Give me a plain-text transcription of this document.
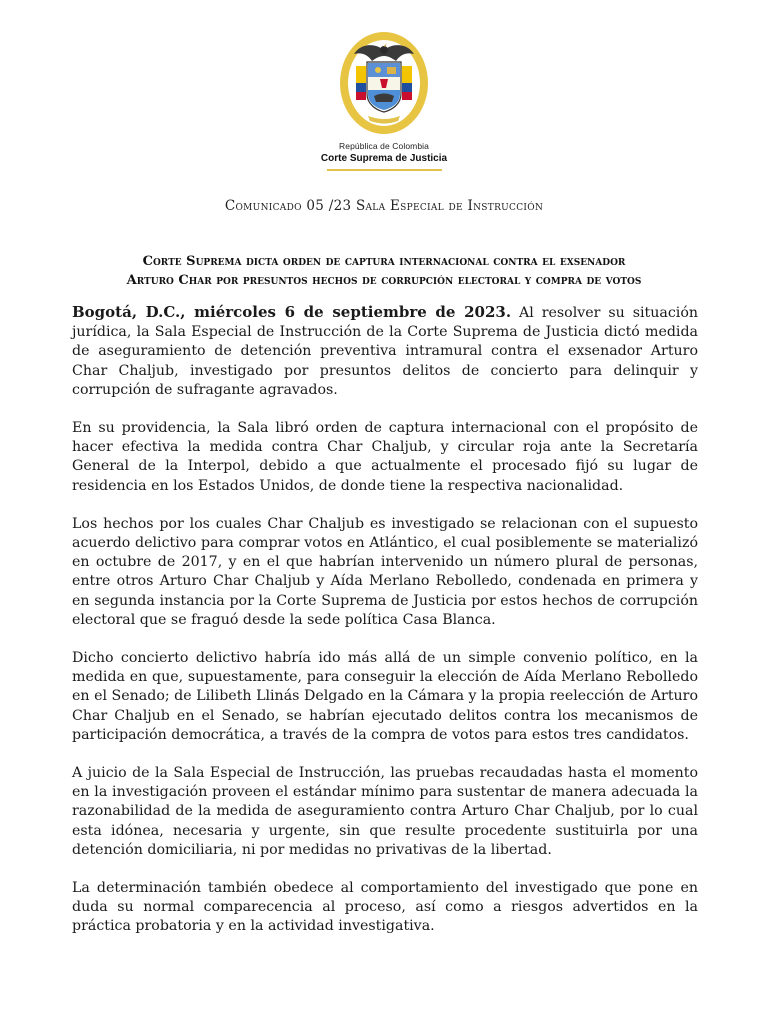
República de Colombia
Corte Suprema de Justicia
Comunicado 05 /23 Sala Especial de Instrucción
Corte Suprema dicta orden de captura internacional contra el exsenador
Arturo Char por presuntos hechos de corrupción electoral y compra de votos

Bogotá, D.C., miércoles 6 de septiembre de 2023. Al resolver su situación jurídica, la Sala Especial de Instrucción de la Corte Suprema de Justicia dictó medida de aseguramiento de detención preventiva intramural contra el exsenador Arturo Char Chaljub, investigado por presuntos delitos de concierto para delinquir y corrupción de sufragante agravados.

En su providencia, la Sala libró orden de captura internacional con el propósito de hacer efectiva la medida contra Char Chaljub, y circular roja ante la Secretaría General de la Interpol, debido a que actualmente el procesado fijó su lugar de residencia en los Estados Unidos, de donde tiene la respectiva nacionalidad.

Los hechos por los cuales Char Chaljub es investigado se relacionan con el supuesto acuerdo delictivo para comprar votos en Atlántico, el cual posiblemente se materializó en octubre de 2017, y en el que habrían intervenido un número plural de personas, entre otros Arturo Char Chaljub y Aída Merlano Rebolledo, condenada en primera y en segunda instancia por la Corte Suprema de Justicia por estos hechos de corrupción electoral que se fraguó desde la sede política Casa Blanca.

Dicho concierto delictivo habría ido más allá de un simple convenio político, en la medida en que, supuestamente, para conseguir la elección de Aída Merlano Rebolledo en el Senado; de Lilibeth Llinás Delgado en la Cámara y la propia reelección de Arturo Char Chaljub en el Senado, se habrían ejecutado delitos contra los mecanismos de participación democrática, a través de la compra de votos para estos tres candidatos.

A juicio de la Sala Especial de Instrucción, las pruebas recaudadas hasta el momento en la investigación proveen el estándar mínimo para sustentar de manera adecuada la razonabilidad de la medida de aseguramiento contra Arturo Char Chaljub, por lo cual esta idónea, necesaria y urgente, sin que resulte procedente sustituirla por una detención domiciliaria, ni por medidas no privativas de la libertad.

La determinación también obedece al comportamiento del investigado que pone en duda su normal comparecencia al proceso, así como a riesgos advertidos en la práctica probatoria y en la actividad investigativa.
